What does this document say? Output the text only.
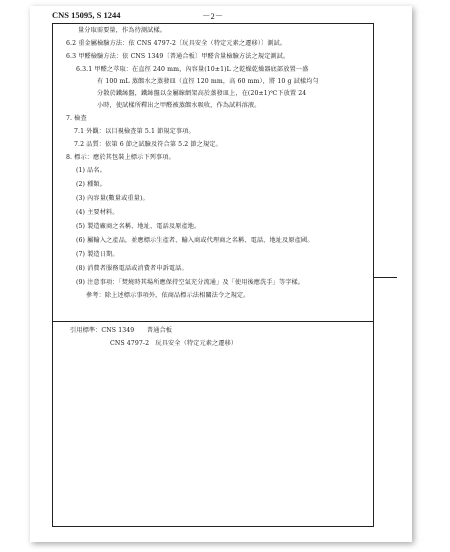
CNS 15095, S 1244	－2－
量分取需要量，作為待測試樣。
6.2 重金屬檢驗方法：依 CNS 4797-2〔玩具安全（特定元素之遷移）〕測試。
6.3 甲醛檢驗方法：依 CNS 1349〔普通合板〕甲醛含量檢驗方法之規定測試。
6.3.1 甲醛之萃取：在直徑 240 mm，內容量(10±1)L 之乾燥乾燥器底部放置一盛
有 100 mL 蒸餾水之蒸發皿（直徑 120 mm，高 60 mm），將 10 g 試樣均勻
分散於鐵絲盤，鐵絲盤以金屬線網架高於蒸發皿上，在(20±1)℃下放置 24
小時，使試樣所釋出之甲醛被蒸餾水吸收，作為試料溶液。
7. 檢查
7.1 外觀：以目視檢查第 5.1 節規定事項。
7.2 品質：依第 6 節之試驗及符合第 5.2 節之規定。
8. 標示：應於其包裝上標示下列事項。
(1) 品名。
(2) 種類。
(3) 內容量(數量或重量)。
(4) 主要材料。
(5) 製造廠商之名稱、地址、電話及原產地。
(6) 屬輸入之產品，並應標示生產者、輸入商或代理商之名稱、電話、地址及原產國。
(7) 製造日期。
(8) 消費者服務電話或消費者申訴電話。
(9) 注意事項：「焚燒時其場所應保持空氣充分流通」及「使用後應洗手」等字樣。
參考：除上述標示事項外，依商品標示法相關法令之規定。
引用標準：CNS 1349　　普通合板
CNS 4797-2　玩具安全（特定元素之遷移）
